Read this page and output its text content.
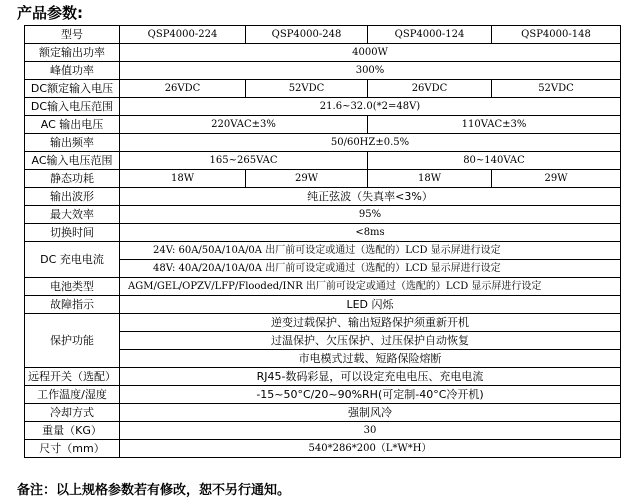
产品参数:
型号	QSP4000-224	QSP4000-248	QSP4000-124	QSP4000-148
额定输出功率	4000W			
峰值功率	300%			
DC额定输入电压	26VDC	52VDC	26VDC	52VDC
DC输入电压范围	21.6~32.0(*2=48V)			
AC 输出电压	220VAC±3%		110VAC±3%	
输出频率	50/60HZ±0.5%			
AC输入电压范围	165~265VAC		80~140VAC	
静态功耗	18W	29W	18W	29W
输出波形	纯正弦波（失真率<3%）			
最大效率	95%			
切换时间	<8ms			
DC 充电电流	24V: 60A/50A/10A/0A 出厂前可设定或通过（选配的）LCD 显示屏进行设定			
	48V: 40A/20A/10A/0A 出厂前可设定或通过（选配的）LCD 显示屏进行设定			
电池类型	AGM/GEL/OPZV/LFP/Flooded/INR 出厂前可设定或通过（选配的）LCD 显示屏进行设定			
故障指示	LED 闪烁			
保护功能	逆变过载保护、输出短路保护须重新开机			
	过温保护、欠压保护、过压保护自动恢复			
	市电模式过载、短路保险熔断			
远程开关（选配）	RJ45-数码彩显，可以设定充电电压、充电电流			
工作温度/湿度	-15~50°C/20~90%RH(可定制-40°C冷开机)			
冷却方式	强制风冷			
重量（KG）	30			
尺寸（mm）	540*286*200（L*W*H）			
备注：以上规格参数若有修改，恕不另行通知。
